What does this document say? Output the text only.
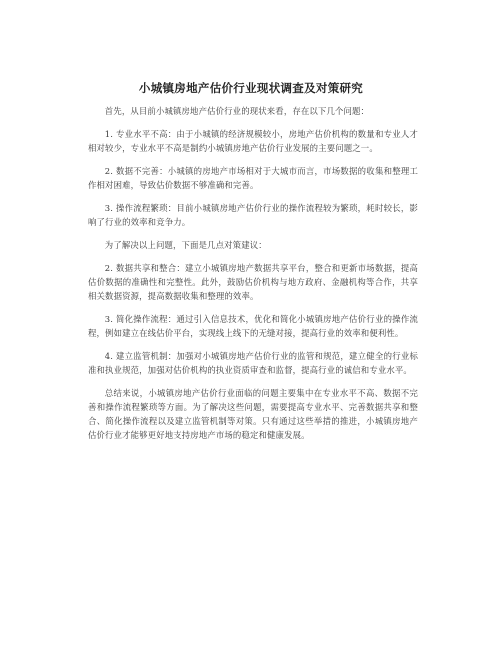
小城镇房地产估价行业现状调查及对策研究

首先，从目前小城镇房地产估价行业的现状来看，存在以下几个问题：

1. 专业水平不高：由于小城镇的经济规模较小，房地产估价机构的数量和专业人才相对较少，专业水平不高是制约小城镇房地产估价行业发展的主要问题之一。

2. 数据不完善：小城镇的房地产市场相对于大城市而言，市场数据的收集和整理工作相对困难，导致估价数据不够准确和完善。

3. 操作流程繁琐：目前小城镇房地产估价行业的操作流程较为繁琐，耗时较长，影响了行业的效率和竞争力。

为了解决以上问题，下面是几点对策建议：

2. 数据共享和整合：建立小城镇房地产数据共享平台，整合和更新市场数据，提高估价数据的准确性和完整性。此外，鼓励估价机构与地方政府、金融机构等合作，共享相关数据资源，提高数据收集和整理的效率。

3. 简化操作流程：通过引入信息技术，优化和简化小城镇房地产估价行业的操作流程，例如建立在线估价平台，实现线上线下的无缝对接，提高行业的效率和便利性。

4. 建立监管机制：加强对小城镇房地产估价行业的监管和规范，建立健全的行业标准和执业规范，加强对估价机构的执业资质审查和监督，提高行业的诚信和专业水平。

总结来说，小城镇房地产估价行业面临的问题主要集中在专业水平不高、数据不完善和操作流程繁琐等方面。为了解决这些问题，需要提高专业水平、完善数据共享和整合、简化操作流程以及建立监管机制等对策。只有通过这些举措的推进，小城镇房地产估价行业才能够更好地支持房地产市场的稳定和健康发展。
